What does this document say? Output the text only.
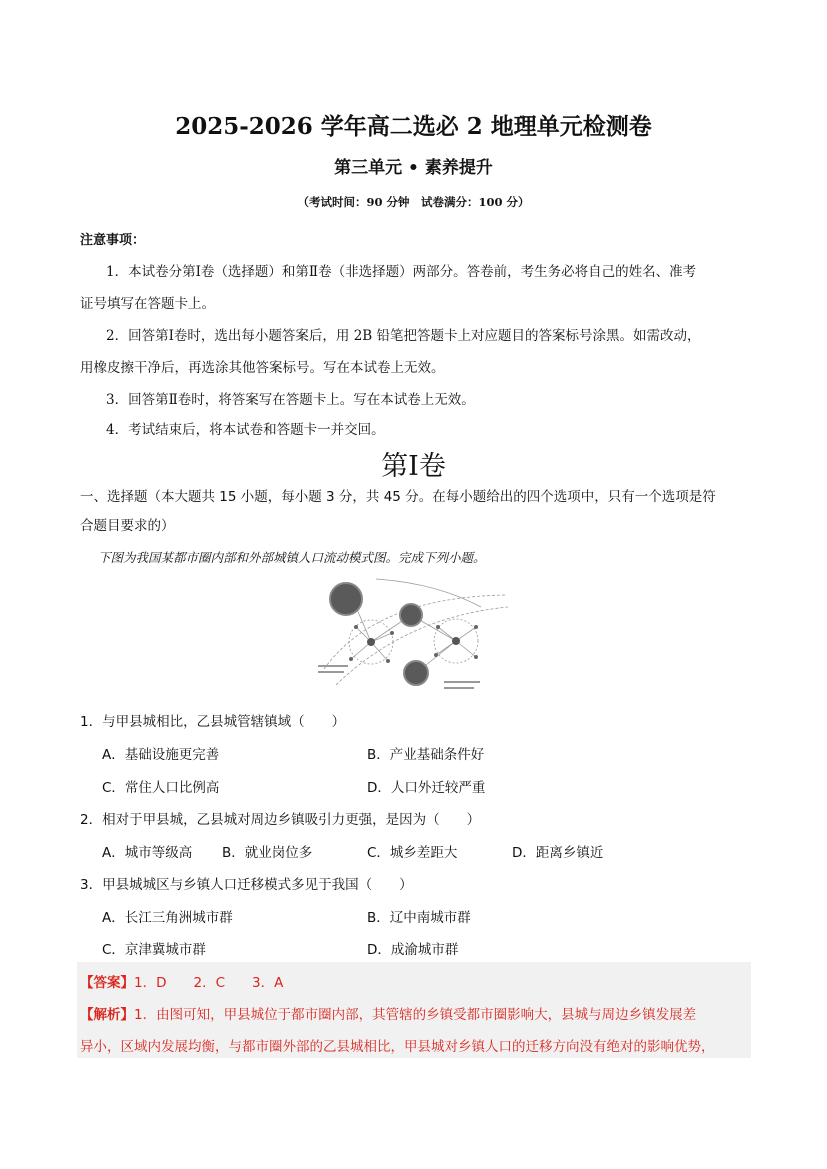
2025-2026 学年高二选必 2 地理单元检测卷
第三单元 • 素养提升
（考试时间：90 分钟　试卷满分：100 分）
注意事项：
1．本试卷分第Ⅰ卷（选择题）和第Ⅱ卷（非选择题）两部分。答卷前，考生务必将自己的姓名、准考
证号填写在答题卡上。
2．回答第Ⅰ卷时，选出每小题答案后，用 2B 铅笔把答题卡上对应题目的答案标号涂黑。如需改动，
用橡皮擦干净后，再选涂其他答案标号。写在本试卷上无效。
3．回答第Ⅱ卷时，将答案写在答题卡上。写在本试卷上无效。
4．考试结束后，将本试卷和答题卡一并交回。
第Ⅰ卷
一、选择题（本大题共 15 小题，每小题 3 分，共 45 分。在每小题给出的四个选项中，只有一个选项是符
合题目要求的）
下图为我国某都市圈内部和外部城镇人口流动模式图。完成下列小题。
1．与甲县城相比，乙县城管辖镇域（　　）
A．基础设施更完善	B．产业基础条件好
C．常住人口比例高	D．人口外迁较严重
2．相对于甲县城，乙县城对周边乡镇吸引力更强，是因为（　　）
A．城市等级高 B．就业岗位多	C．城乡差距大	D．距离乡镇近
3．甲县城城区与乡镇人口迁移模式多见于我国（　　）
A．长江三角洲城市群	B．辽中南城市群
C．京津冀城市群	D．成渝城市群
【答案】1．D　　2．C　　3．A
【解析】1．由图可知，甲县城位于都市圈内部，其管辖的乡镇受都市圈影响大，县城与周边乡镇发展差
异小，区域内发展均衡，与都市圈外部的乙县城相比，甲县城对乡镇人口的迁移方向没有绝对的影响优势，
